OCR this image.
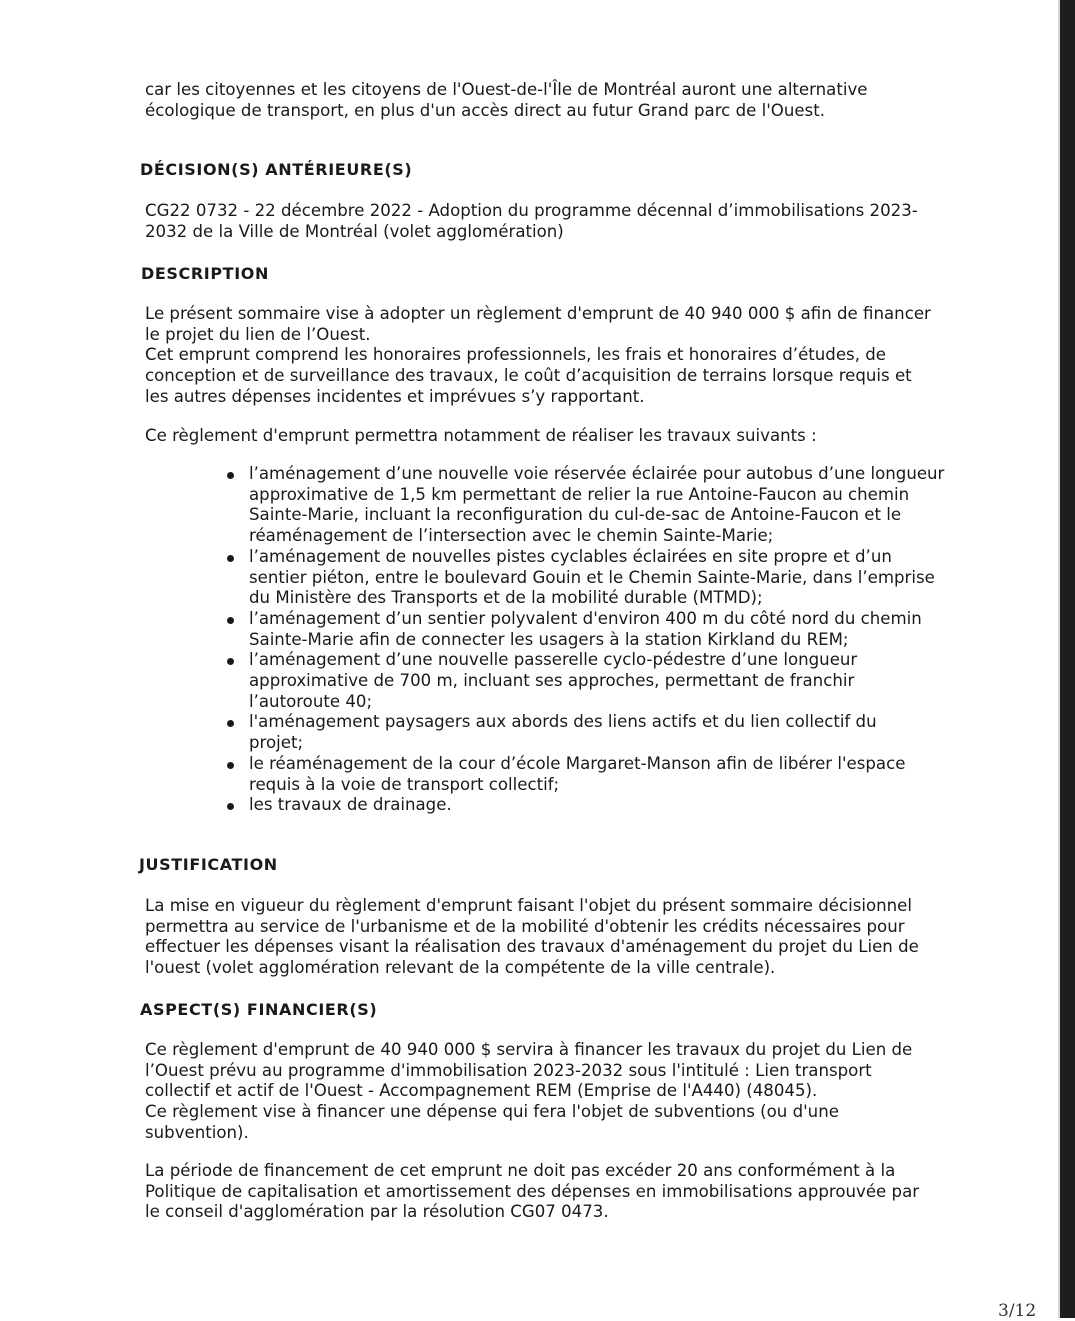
car les citoyennes et les citoyens de l'Ouest-de-l'Île de Montréal auront une alternative
écologique de transport, en plus d'un accès direct au futur Grand parc de l'Ouest.
DÉCISION(S) ANTÉRIEURE(S)
CG22 0732 - 22 décembre 2022 - Adoption du programme décennal d’immobilisations 2023-
2032 de la Ville de Montréal (volet agglomération)
DESCRIPTION
Le présent sommaire vise à adopter un règlement d'emprunt de 40 940 000 $ afin de financer
le projet du lien de l’Ouest.
Cet emprunt comprend les honoraires professionnels, les frais et honoraires d’études, de
conception et de surveillance des travaux, le coût d’acquisition de terrains lorsque requis et
les autres dépenses incidentes et imprévues s’y rapportant.
Ce règlement d'emprunt permettra notamment de réaliser les travaux suivants :
l’aménagement d’une nouvelle voie réservée éclairée pour autobus d’une longueur
approximative de 1,5 km permettant de relier la rue Antoine-Faucon au chemin
Sainte-Marie, incluant la reconfiguration du cul-de-sac de Antoine-Faucon et le
réaménagement de l’intersection avec le chemin Sainte-Marie;
l’aménagement de nouvelles pistes cyclables éclairées en site propre et d’un
sentier piéton, entre le boulevard Gouin et le Chemin Sainte-Marie, dans l’emprise
du Ministère des Transports et de la mobilité durable (MTMD);
l’aménagement d’un sentier polyvalent d'environ 400 m du côté nord du chemin
Sainte-Marie afin de connecter les usagers à la station Kirkland du REM;
l’aménagement d’une nouvelle passerelle cyclo-pédestre d’une longueur
approximative de 700 m, incluant ses approches, permettant de franchir
l’autoroute 40;
l'aménagement paysagers aux abords des liens actifs et du lien collectif du
projet;
le réaménagement de la cour d’école Margaret-Manson afin de libérer l'espace
requis à la voie de transport collectif;
les travaux de drainage.
JUSTIFICATION
La mise en vigueur du règlement d'emprunt faisant l'objet du présent sommaire décisionnel
permettra au service de l'urbanisme et de la mobilité d'obtenir les crédits nécessaires pour
effectuer les dépenses visant la réalisation des travaux d'aménagement du projet du Lien de
l'ouest (volet agglomération relevant de la compétente de la ville centrale).
ASPECT(S) FINANCIER(S)
Ce règlement d'emprunt de 40 940 000 $ servira à financer les travaux du projet du Lien de
l’Ouest prévu au programme d'immobilisation 2023-2032 sous l'intitulé : Lien transport
collectif et actif de l'Ouest - Accompagnement REM (Emprise de l'A440) (48045).
Ce règlement vise à financer une dépense qui fera l'objet de subventions (ou d'une
subvention).
La période de financement de cet emprunt ne doit pas excéder 20 ans conformément à la
Politique de capitalisation et amortissement des dépenses en immobilisations approuvée par
le conseil d'agglomération par la résolution CG07 0473.
3/12
